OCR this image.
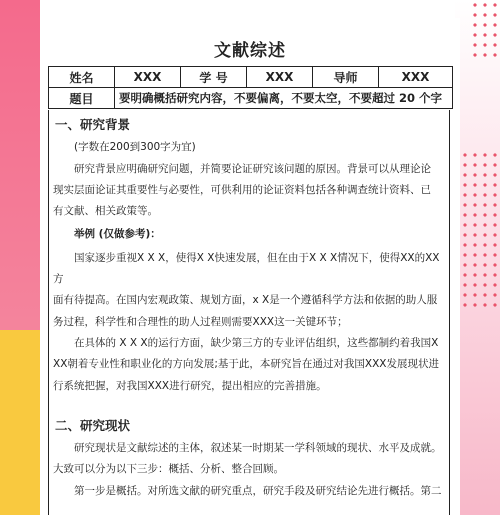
文献综述
姓名	XXX	学 号	XXX	导师	XXX
题目	要明确概括研究内容，不要偏离，不要太空，不要超过 20 个字				
一、研究背景

(字数在200到300字为宜)

研究背景应明确研究问题，并简要论证研究该问题的原因。背景可以从理论论

现实层面论证其重要性与必要性，可供利用的论证资料包括各种调查统计资料、已

有文献、相关政策等。

举例 (仅做参考)：

国家逐步重视X X X，使得X X快速发展，但在由于X X X情况下，使得XX的XX方

面有待提高。在国内宏观政策、规划方面，x X是一个遵循科学方法和依据的助人服

务过程，科学性和合理性的助人过程则需要XXX这一关键环节；

在具体的 X X X的运行方面，缺少第三方的专业评估组织，这些都制约着我国X

XX朝着专业性和职业化的方向发展;基于此，本研究旨在通过对我国XXX发展现状进

行系统把握，对我国XXX进行研究，提出相应的完善措施。

二、研究现状

研究现状是文献综述的主体，叙述某一时期某一学科领域的现状、水平及成就。

大致可以分为以下三步：概括、分析、整合回顾。

第一步是概括。对所选文献的研究重点，研究手段及研究结论先进行概括。第二
